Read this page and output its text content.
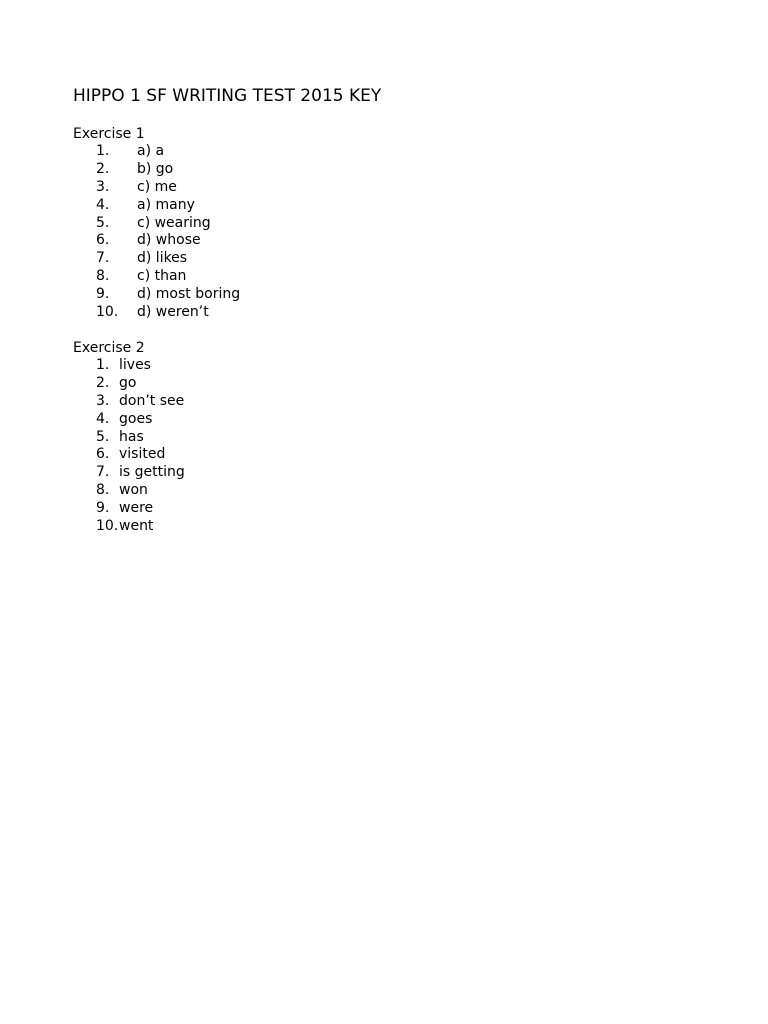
HIPPO 1 SF WRITING TEST 2015 KEY
Exercise 1
1. a) a
2. b) go
3. c) me
4. a) many
5. c) wearing
6. d) whose
7. d) likes
8. c) than
9. d) most boring
10. d) weren’t
Exercise 2
1. lives
2. go
3. don’t see
4. goes
5. has
6. visited
7. is getting
8. won
9. were
10. went
